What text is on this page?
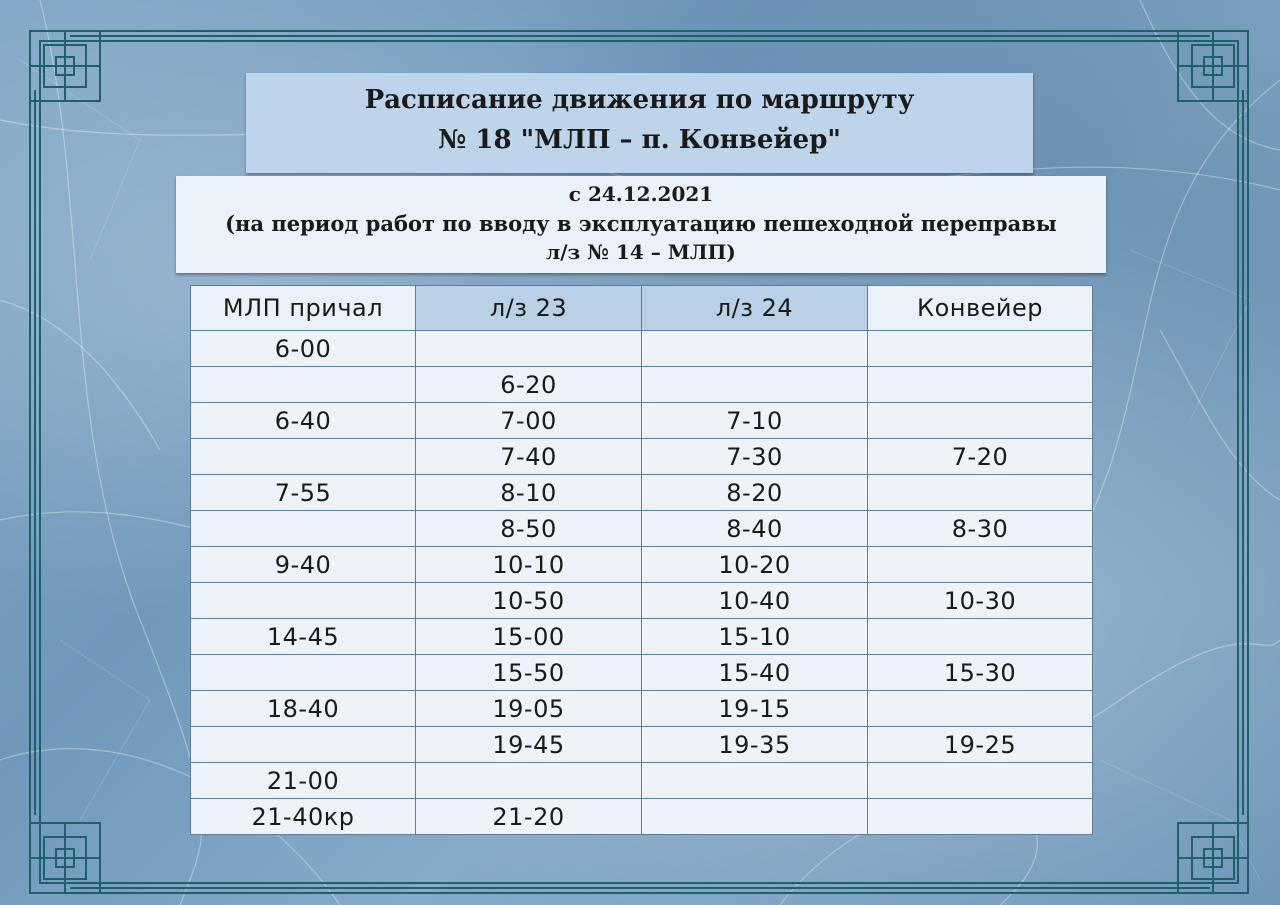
Расписание движения по маршруту
№ 18 "МЛП – п. Конвейер"
с 24.12.2021
(на период работ по вводу в эксплуатацию пешеходной переправы
л/з № 14 – МЛП)
МЛП причал	л/з 23	л/з 24	Конвейер
6-00			
	6-20		
6-40	7-00	7-10	
	7-40	7-30	7-20
7-55	8-10	8-20	
	8-50	8-40	8-30
9-40	10-10	10-20	
	10-50	10-40	10-30
14-45	15-00	15-10	
	15-50	15-40	15-30
18-40	19-05	19-15	
	19-45	19-35	19-25
21-00			
21-40кр	21-20		
